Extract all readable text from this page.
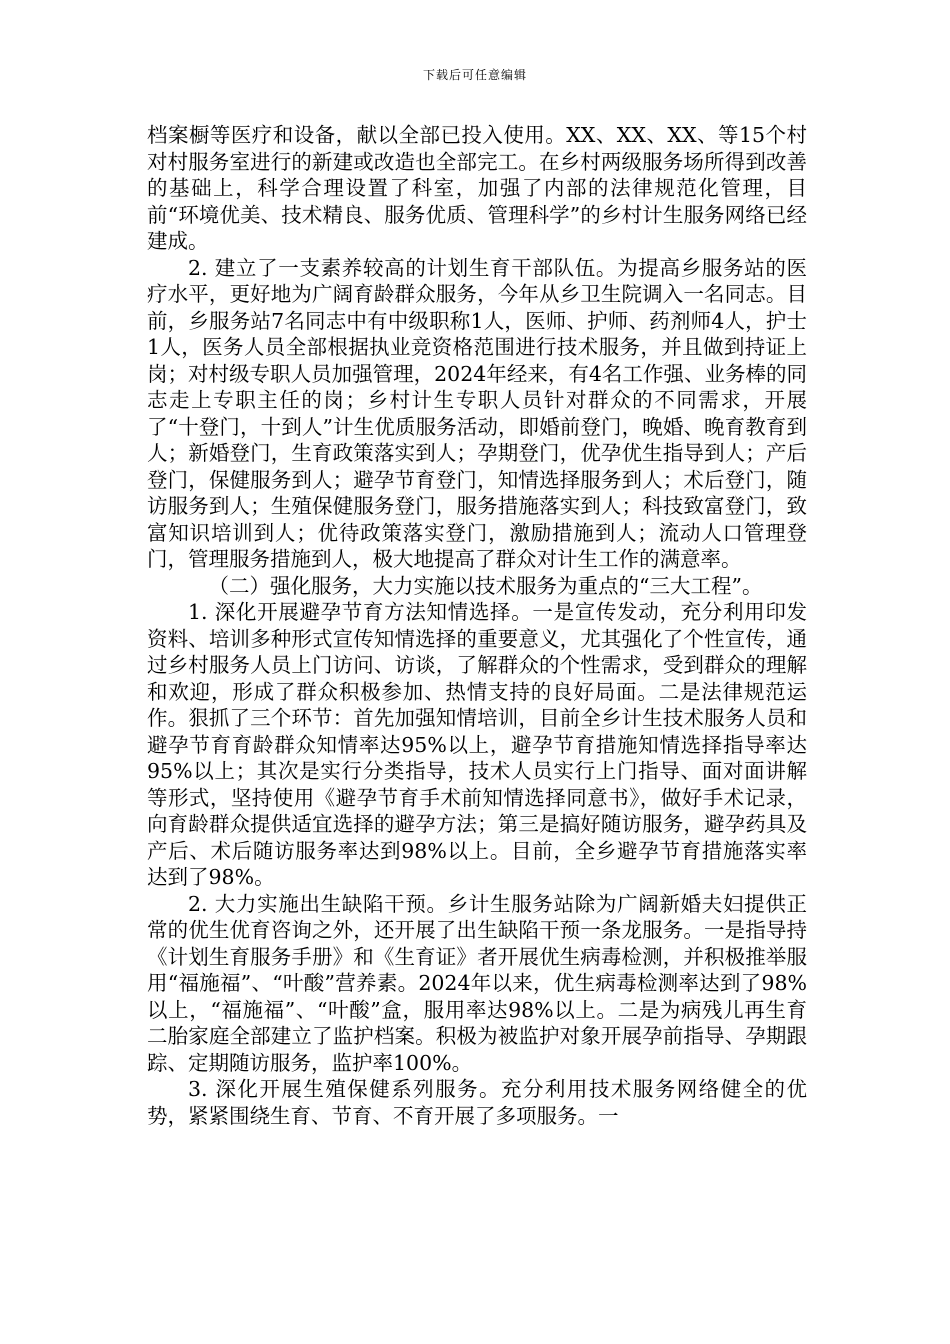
下载后可任意编辑

档案橱等医疗和设备，献以全部已投入使用。XX、XX、XX、等15个村对村服务室进行的新建或改造也全部完工。在乡村两级服务场所得到改善的基础上，科学合理设置了科室，加强了内部的法律规范化管理，目前“环境优美、技术精良、服务优质、管理科学”的乡村计生服务网络已经建成。

2. 建立了一支素养较高的计划生育干部队伍。为提高乡服务站的医疗水平，更好地为广阔育龄群众服务，今年从乡卫生院调入一名同志。目前，乡服务站7名同志中有中级职称1人，医师、护师、药剂师4人，护士1人，医务人员全部根据执业竞资格范围进行技术服务，并且做到持证上岗；对村级专职人员加强管理，2024年经来，有4名工作强、业务棒的同志走上专职主任的岗；乡村计生专职人员针对群众的不同需求，开展了“十登门，十到人”计生优质服务活动，即婚前登门，晚婚、晚育教育到人；新婚登门，生育政策落实到人；孕期登门，优孕优生指导到人；产后登门，保健服务到人；避孕节育登门，知情选择服务到人；术后登门，随访服务到人；生殖保健服务登门，服务措施落实到人；科技致富登门，致富知识培训到人；优待政策落实登门，激励措施到人；流动人口管理登门，管理服务措施到人，极大地提高了群众对计生工作的满意率。

（二）强化服务，大力实施以技术服务为重点的“三大工程”。

1. 深化开展避孕节育方法知情选择。一是宣传发动，充分利用印发资料、培训多种形式宣传知情选择的重要意义，尤其强化了个性宣传，通过乡村服务人员上门访问、访谈，了解群众的个性需求，受到群众的理解和欢迎，形成了群众积极参加、热情支持的良好局面。二是法律规范运作。狠抓了三个环节：首先加强知情培训，目前全乡计生技术服务人员和避孕节育育龄群众知情率达95%以上，避孕节育措施知情选择指导率达95%以上；其次是实行分类指导，技术人员实行上门指导、面对面讲解等形式，坚持使用《避孕节育手术前知情选择同意书》，做好手术记录，向育龄群众提供适宜选择的避孕方法；第三是搞好随访服务，避孕药具及产后、术后随访服务率达到98%以上。目前，全乡避孕节育措施落实率达到了98%。

2. 大力实施出生缺陷干预。乡计生服务站除为广阔新婚夫妇提供正常的优生优育咨询之外，还开展了出生缺陷干预一条龙服务。一是指导持《计划生育服务手册》和《生育证》者开展优生病毒检测，并积极推举服用“福施福”、“叶酸”营养素。2024年以来，优生病毒检测率达到了98%以上，“福施福”、“叶酸”盒，服用率达98%以上。二是为病残儿再生育二胎家庭全部建立了监护档案。积极为被监护对象开展孕前指导、孕期跟踪、定期随访服务，监护率100%。

3. 深化开展生殖保健系列服务。充分利用技术服务网络健全的优势，紧紧围绕生育、节育、不育开展了多项服务。一
